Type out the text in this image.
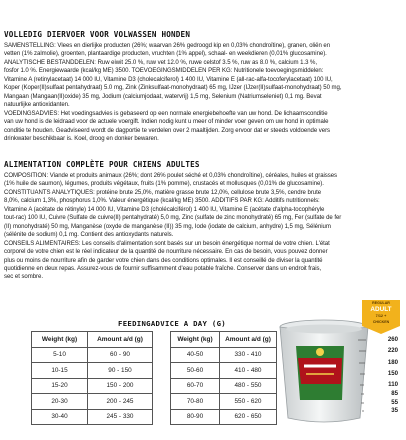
VOLLEDIG DIERVOER VOOR VOLWASSEN HONDEN
SAMENSTELLING: Vlees en dierlijke producten (26%; waarvan 26% gedroogd kip en 0,03% chondroïtine), granen, oliën en
vetten (1% zalmolie), groenten, plantaardige producten, vruchten (1% appel), schaal- en weekdieren (0,01% glucosamine).
ANALYTISCHE BESTANDDELEN: Ruw eiwit 25.0 %, ruw vet 12.0 %, ruwe celstof 3.5 %, ruw as 8.0 %, calcium 1.3 %,
fosfor 1.0 %. Energiewaarde (kcal/kg ME) 3500. TOEVOEGINGSMIDDELEN PER KG: Nutritionele toevoegingsmiddelen:
Vitamine A (retinylacetaat) 14 000 IU, Vitamine D3 (cholecalciferol) 1 400 IU, Vitamine E (all-rac-alfa-tocoferylacetaat) 100 IU,
Koper (Koper(II)sulfaat pentahydraat) 5.0 mg, Zink (Zinksulfaat-monohydraat) 65 mg, IJzer (IJzer(II)sulfaat-monohydraat) 50 mg,
Mangaan (Mangaan(II)oxide) 35 mg, Jodium (calciumjodaat, watervrij) 1,5 mg, Selenium (Natriumseleniet) 0,1 mg. Bevat
natuurlijke antioxidanten.
VOEDINGSADVIES: Het voedingsadvies is gebaseerd op een normale energiebehoefte van uw hond. De lichaamsconditie
van uw hond is de leidraad voor de actuele voergift. Indien nodig kunt u meer of minder voer geven om uw hond in optimale
conditie te houden. Geadviseerd wordt de dagportie te verdelen over 2 maaltijden. Zorg ervoor dat er steeds voldoende vers
drinkwater beschikbaar is. Koel, droog en donker bewaren.
ALIMENTATION COMPLÈTE POUR CHIENS ADULTES
COMPOSITION: Viande et produits animaux (26%; dont 26% poulet séché et 0,03% chondroïtine), céréales, huiles et graisses
(1% huile de saumon), légumes, produits végétaux, fruits (1% pomme), crustacés et mollusques (0,01% de glucosamine).
CONSTITUANTS ANALYTIQUES: protéine brute 25,0%, matière grasse brute 12,0%, cellulose brute 3,5%, cendre brute
8,0%, calcium 1,3%, phosphorus 1,0%. Valeur énergétique (kcal/kg ME) 3500. ADDITIFS PAR KG: Additifs nutritionnels:
Vitamine A (acétate de rétinyle) 14 000 IU, Vitamine D3 (cholécalciférol) 1 400 IU, Vitamine E (acétate d'alpha-tocophéryle
tout-rac) 100 IU, Cuivre (Sulfate de cuivre(II) pentahydraté) 5,0 mg, Zinc (sulfate de zinc monohydraté) 65 mg, Fer (sulfate de fer
(II) monohydraté) 50 mg, Manganèse (oxyde de manganèse (II)) 35 mg, Iode (iodate de calcium, anhydre) 1,5 mg, Sélénium
(sélénite de sodium) 0,1 mg. Contient des antioxydants naturels.
CONSEILS ALIMENTAIRES: Les conseils d'alimentation sont basés sur un besoin énergétique normal de votre chien. L'état
corporel de votre chien est le réel indicateur de la quantité de nourriture nécessaire. En cas de besoin, vous pouvez donner
plus ou moins de nourriture afin de garder votre chien dans des conditions optimales. Il est conseillé de diviser la quantité
quotidienne en deux repas. Assurez-vous de fournir suffisamment d'eau potable fraîche. Conserver dans un endroit frais,
sec et sombre.
FEEDINGADVICE A DAY (G)
Weight (kg)	Amount a/d (g)
5-10	60 - 90
10-15	90 - 150
15-20	150 - 200
20-30	200 - 245
30-40	245 - 330
Weight (kg)	Amount a/d (g)
40-50	330 - 410
50-60	410 - 480
60-70	480 - 550
70-80	550 - 620
80-90	620 - 650
260
220
180
150
110
85
55
35
REGULAR
ADULT
7/12 +
CHICKEN
